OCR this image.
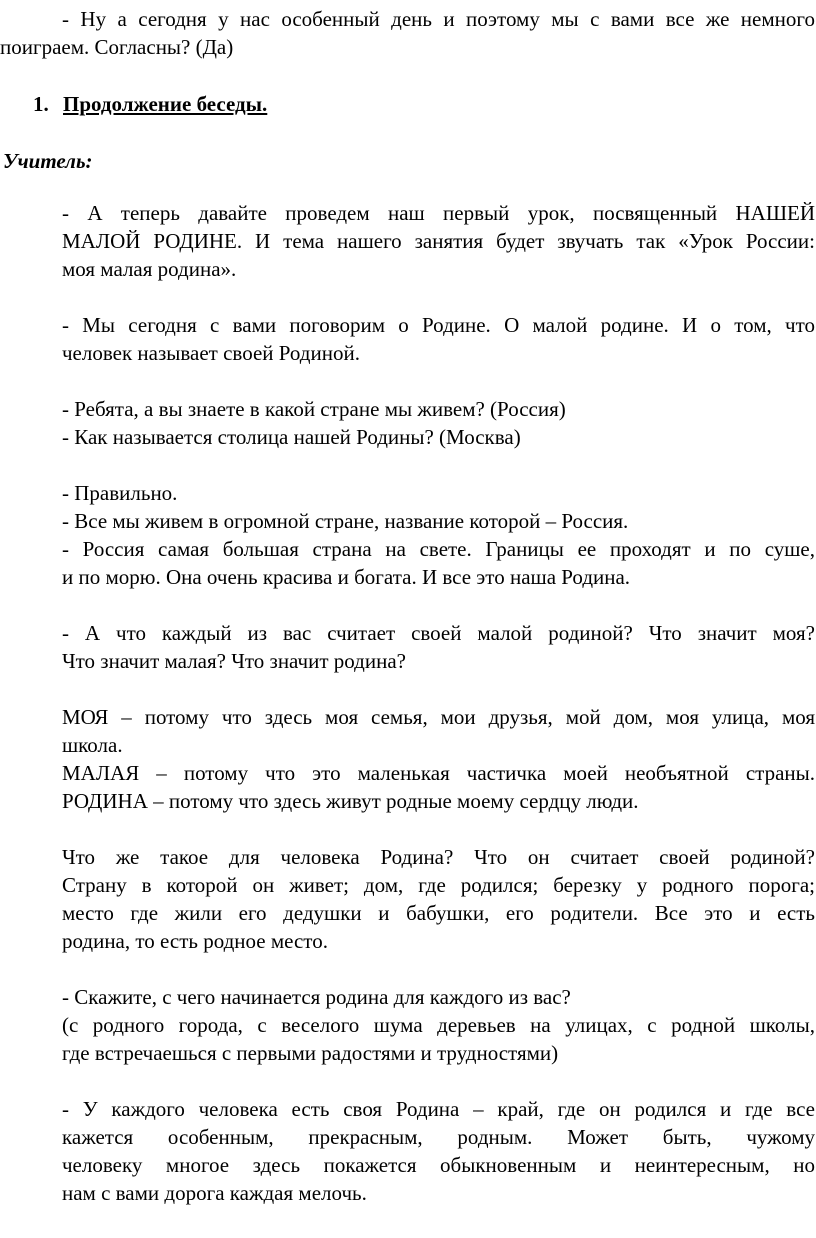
- Ну а сегодня у нас особенный день и поэтому мы с вами все же немного
поиграем. Согласны? (Да)
1. Продолжение беседы.
Учитель:
- А теперь давайте проведем наш первый урок, посвященный НАШЕЙ
МАЛОЙ РОДИНЕ. И тема нашего занятия будет звучать так «Урок России:
моя малая родина».
- Мы сегодня с вами поговорим о Родине. О малой родине. И о том, что
человек называет своей Родиной.
- Ребята, а вы знаете в какой стране мы живем? (Россия)
- Как называется столица нашей Родины? (Москва)
- Правильно.
- Все мы живем в огромной стране, название которой – Россия.
- Россия самая большая страна на свете. Границы ее проходят и по суше,
и по морю. Она очень красива и богата. И все это наша Родина.
- А что каждый из вас считает своей малой родиной? Что значит моя?
Что значит малая? Что значит родина?
МОЯ – потому что здесь моя семья, мои друзья, мой дом, моя улица, моя
школа.
МАЛАЯ – потому что это маленькая частичка моей необъятной страны.
РОДИНА – потому что здесь живут родные моему сердцу люди.
Что же такое для человека Родина? Что он считает своей родиной?
Страну в которой он живет; дом, где родился; березку у родного порога;
место где жили его дедушки и бабушки, его родители. Все это и есть
родина, то есть родное место.
- Скажите, с чего начинается родина для каждого из вас?
(с родного города, с веселого шума деревьев на улицах, с родной школы,
где встречаешься с первыми радостями и трудностями)
- У каждого человека есть своя Родина – край, где он родился и где все
кажется особенным, прекрасным, родным. Может быть, чужому
человеку многое здесь покажется обыкновенным и неинтересным, но
нам с вами дорога каждая мелочь.
